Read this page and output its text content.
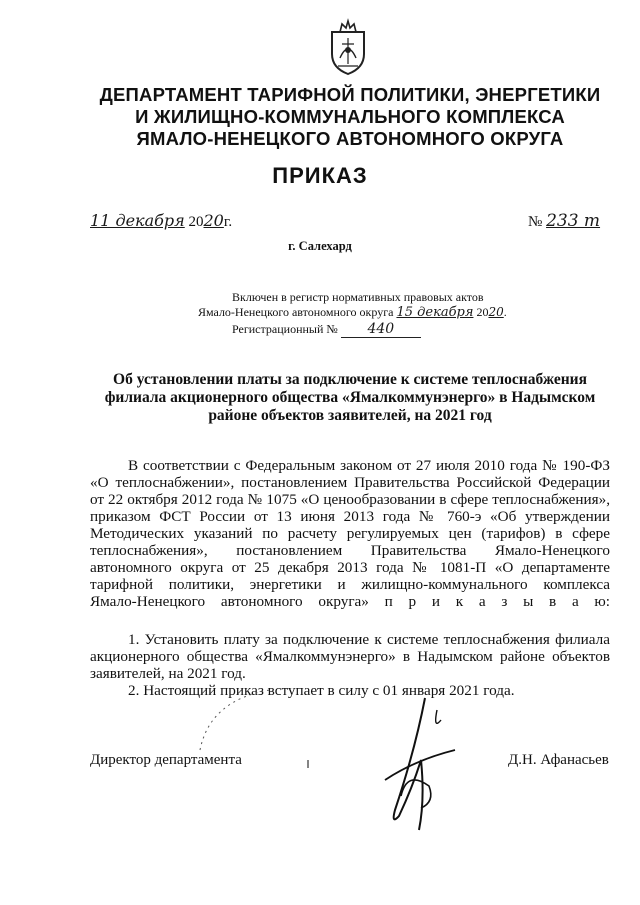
ДЕПАРТАМЕНТ ТАРИФНОЙ ПОЛИТИКИ, ЭНЕРГЕТИКИ
И ЖИЛИЩНО-КОММУНАЛЬНОГО КОМПЛЕКСА
ЯМАЛО-НЕНЕЦКОГО АВТОНОМНОГО ОКРУГА
ПРИКАЗ
11 декабря 2020г.	№ 233 т
г. Салехард
Включен в регистр нормативных правовых актов
Ямало-Ненецкого автономного округа 15 декабря 2020.
Регистрационный № 440
Об установлении платы за подключение к системе теплоснабжения
филиала акционерного общества «Ямалкоммунэнерго» в Надымском
районе объектов заявителей, на 2021 год
В соответствии с Федеральным законом от 27 июля 2010 года № 190-ФЗ
«О теплоснабжении», постановлением Правительства Российской Федерации
от 22 октября 2012 года № 1075 «О ценообразовании в сфере теплоснабжения»,
приказом ФСТ России от 13 июня 2013 года № 760-э «Об утверждении
Методических указаний по расчету регулируемых цен (тарифов) в сфере
теплоснабжения», постановлением Правительства Ямало-Ненецкого
автономного округа от 25 декабря 2013 года № 1081-П «О департаменте
тарифной политики, энергетики и жилищно-коммунального комплекса
Ямало-Ненецкого автономного округа» п р и к а з ы в а ю:
1. Установить плату за подключение к системе теплоснабжения филиала
акционерного общества «Ямалкоммунэнерго» в Надымском районе объектов
заявителей, на 2021 год.
2. Настоящий приказ вступает в силу с 01 января 2021 года.
Директор департамента	Д.Н. Афанасьев
